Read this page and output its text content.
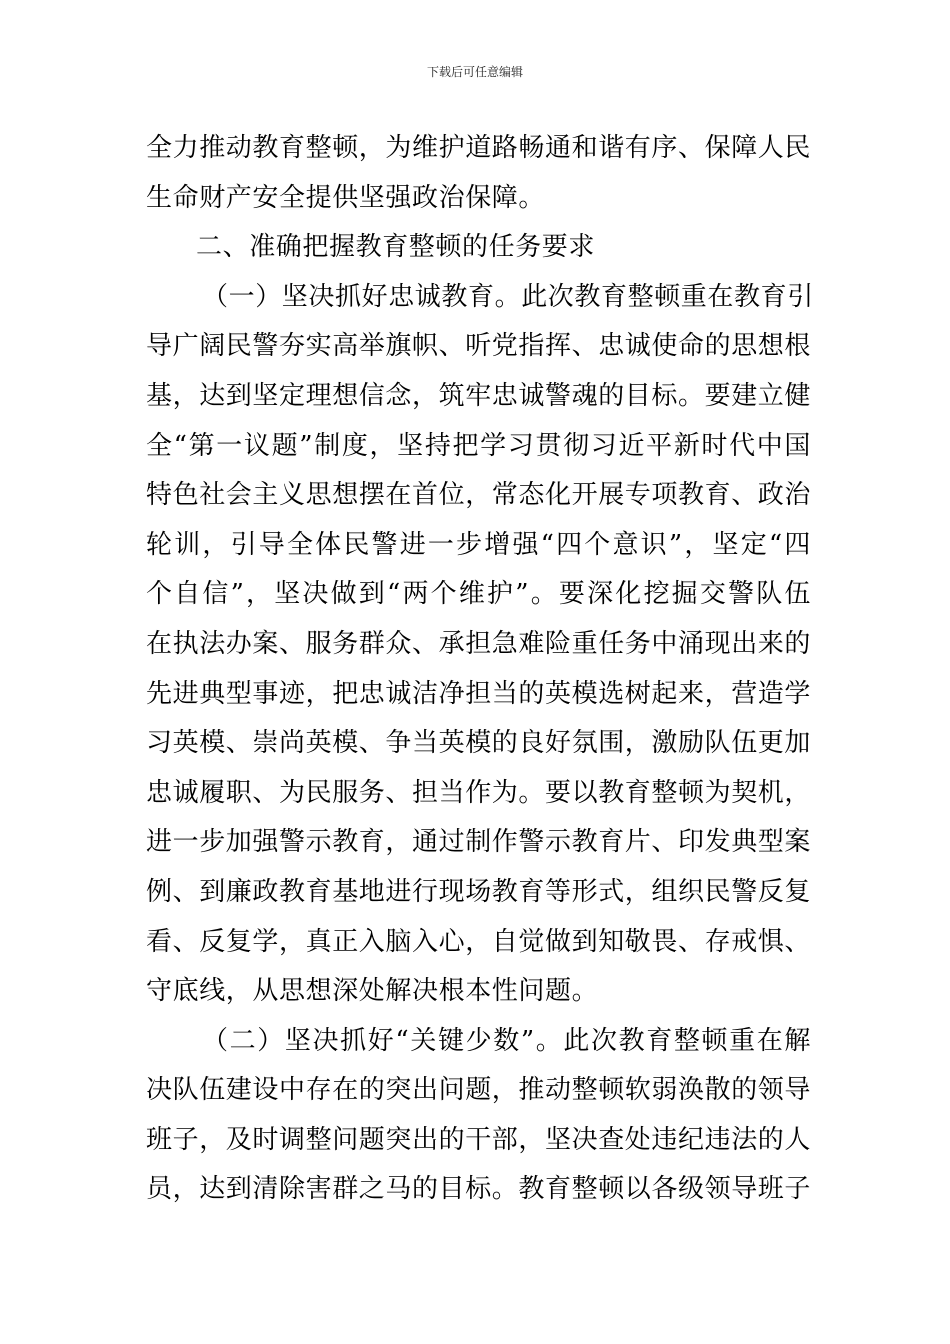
下载后可任意编辑
全力推动教育整顿，为维护道路畅通和谐有序、保障人民
生命财产安全提供坚强政治保障。
二、准确把握教育整顿的任务要求
（一）坚决抓好忠诚教育。此次教育整顿重在教育引
导广阔民警夯实高举旗帜、听党指挥、忠诚使命的思想根
基，达到坚定理想信念，筑牢忠诚警魂的目标。要建立健
全“第一议题”制度，坚持把学习贯彻习近平新时代中国
特色社会主义思想摆在首位，常态化开展专项教育、政治
轮训，引导全体民警进一步增强“四个意识”，坚定“四
个自信”，坚决做到“两个维护”。要深化挖掘交警队伍
在执法办案、服务群众、承担急难险重任务中涌现出来的
先进典型事迹，把忠诚洁净担当的英模选树起来，营造学
习英模、崇尚英模、争当英模的良好氛围，激励队伍更加
忠诚履职、为民服务、担当作为。要以教育整顿为契机，
进一步加强警示教育，通过制作警示教育片、印发典型案
例、到廉政教育基地进行现场教育等形式，组织民警反复
看、反复学，真正入脑入心，自觉做到知敬畏、存戒惧、
守底线，从思想深处解决根本性问题。
（二）坚决抓好“关键少数”。此次教育整顿重在解
决队伍建设中存在的突出问题，推动整顿软弱涣散的领导
班子，及时调整问题突出的干部，坚决查处违纪违法的人
员，达到清除害群之马的目标。教育整顿以各级领导班子
